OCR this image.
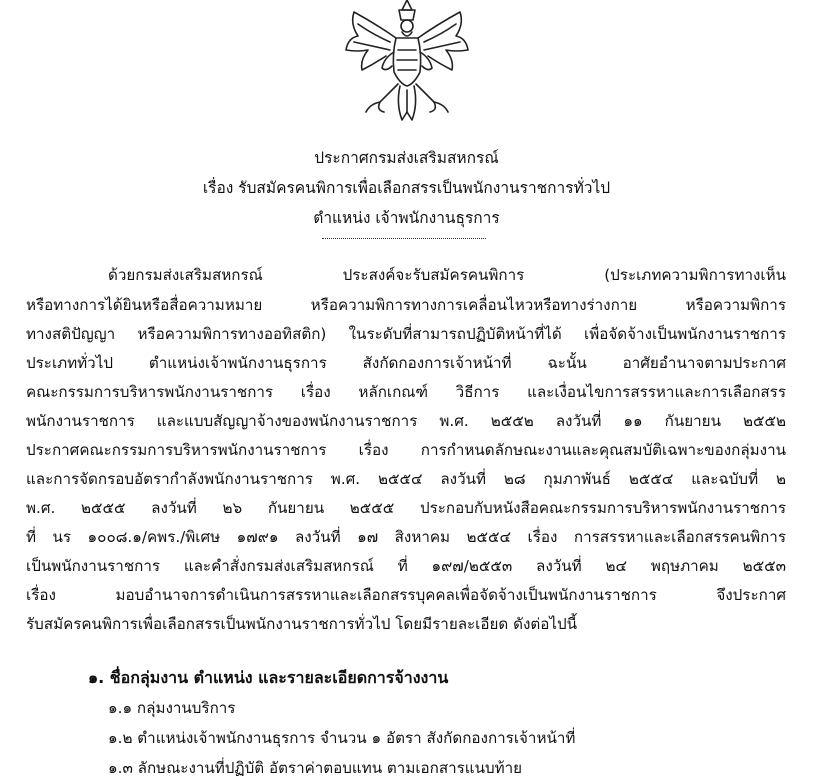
ประกาศกรมส่งเสริมสหกรณ์
เรื่อง รับสมัครคนพิการเพื่อเลือกสรรเป็นพนักงานราชการทั่วไป
ตำแหน่ง เจ้าพนักงานธุรการ
ด้วยกรมส่งเสริมสหกรณ์ ประสงค์จะรับสมัครคนพิการ (ประเภทความพิการทางเห็น
หรือทางการได้ยินหรือสื่อความหมาย หรือความพิการทางการเคลื่อนไหวหรือทางร่างกาย หรือความพิการ
ทางสติปัญญา หรือความพิการทางออทิสติก) ในระดับที่สามารถปฏิบัติหน้าที่ได้ เพื่อจัดจ้างเป็นพนักงานราชการ
ประเภททั่วไป ตำแหน่งเจ้าพนักงานธุรการ สังกัดกองการเจ้าหน้าที่ ฉะนั้น อาศัยอำนาจตามประกาศ
คณะกรรมการบริหารพนักงานราชการ เรื่อง หลักเกณฑ์ วิธีการ และเงื่อนไขการสรรหาและการเลือกสรร
พนักงานราชการ และแบบสัญญาจ้างของพนักงานราชการ พ.ศ. ๒๕๕๒ ลงวันที่ ๑๑ กันยายน ๒๕๕๒
ประกาศคณะกรรมการบริหารพนักงานราชการ เรื่อง การกำหนดลักษณะงานและคุณสมบัติเฉพาะของกลุ่มงาน
และการจัดกรอบอัตรากำลังพนักงานราชการ พ.ศ. ๒๕๕๔ ลงวันที่ ๒๘ กุมภาพันธ์ ๒๕๕๔ และฉบับที่ ๒
พ.ศ. ๒๕๕๕ ลงวันที่ ๒๖ กันยายน ๒๕๕๕ ประกอบกับหนังสือคณะกรรมการบริหารพนักงานราชการ
ที่ นร ๑๐๐๘.๑/คพร./พิเศษ ๑๗๙๑ ลงวันที่ ๑๗ สิงหาคม ๒๕๕๔ เรื่อง การสรรหาและเลือกสรรคนพิการ
เป็นพนักงานราชการ และคำสั่งกรมส่งเสริมสหกรณ์ ที่ ๑๙๗/๒๕๕๓ ลงวันที่ ๒๔ พฤษภาคม ๒๕๕๓
เรื่อง มอบอำนาจการดำเนินการสรรหาและเลือกสรรบุคคลเพื่อจัดจ้างเป็นพนักงานราชการ จึงประกาศ
รับสมัครคนพิการเพื่อเลือกสรรเป็นพนักงานราชการทั่วไป โดยมีรายละเอียด ดังต่อไปนี้
๑. ชื่อกลุ่มงาน ตำแหน่ง และรายละเอียดการจ้างงาน
๑.๑ กลุ่มงานบริการ
๑.๒ ตำแหน่งเจ้าพนักงานธุรการ จำนวน ๑ อัตรา สังกัดกองการเจ้าหน้าที่
๑.๓ ลักษณะงานที่ปฏิบัติ อัตราค่าตอบแทน ตามเอกสารแนบท้าย
